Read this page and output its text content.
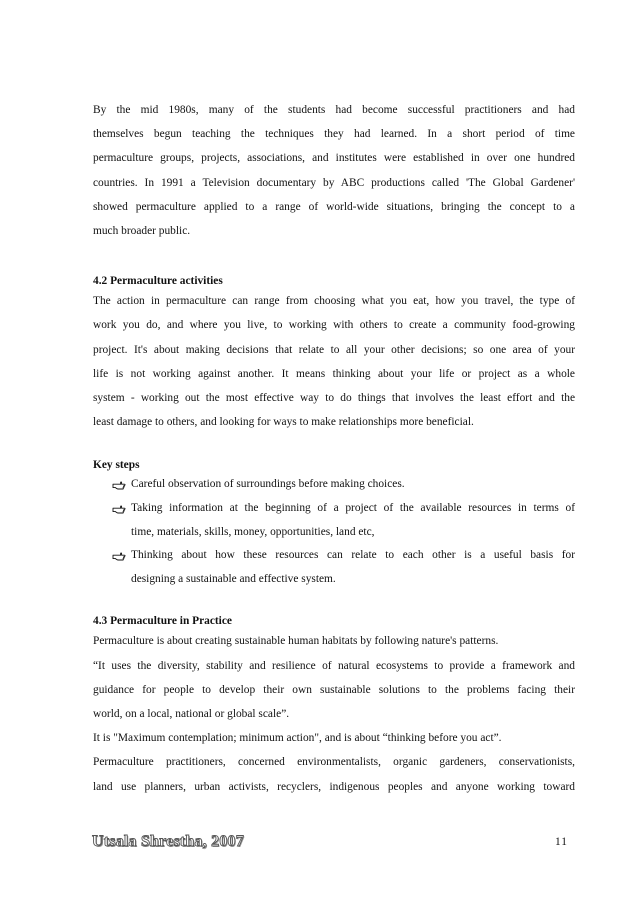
By the mid 1980s, many of the students had become successful practitioners and had
themselves begun teaching the techniques they had learned. In a short period of time
permaculture groups, projects, associations, and institutes were established in over one hundred
countries. In 1991 a Television documentary by ABC productions called 'The Global Gardener'
showed permaculture applied to a range of world-wide situations, bringing the concept to a
much broader public.

4.2 Permaculture activities

The action in permaculture can range from choosing what you eat, how you travel, the type of
work you do, and where you live, to working with others to create a community food-growing
project. It's about making decisions that relate to all your other decisions; so one area of your
life is not working against another. It means thinking about your life or project as a whole
system - working out the most effective way to do things that involves the least effort and the
least damage to others, and looking for ways to make relationships more beneficial.

Key steps
Careful observation of surroundings before making choices.
Taking information at the beginning of a project of the available resources in terms of
time, materials, skills, money, opportunities, land etc,
Thinking about how these resources can relate to each other is a useful basis for
designing a sustainable and effective system.
4.3 Permaculture in Practice

Permaculture is about creating sustainable human habitats by following nature's patterns.
“It uses the diversity, stability and resilience of natural ecosystems to provide a framework and
guidance for people to develop their own sustainable solutions to the problems facing their
world, on a local, national or global scale”.
It is "Maximum contemplation; minimum action", and is about “thinking before you act”.
Permaculture practitioners, concerned environmentalists, organic gardeners, conservationists,
land use planners, urban activists, recyclers, indigenous peoples and anyone working toward

Utsala Shrestha, 2007	11
